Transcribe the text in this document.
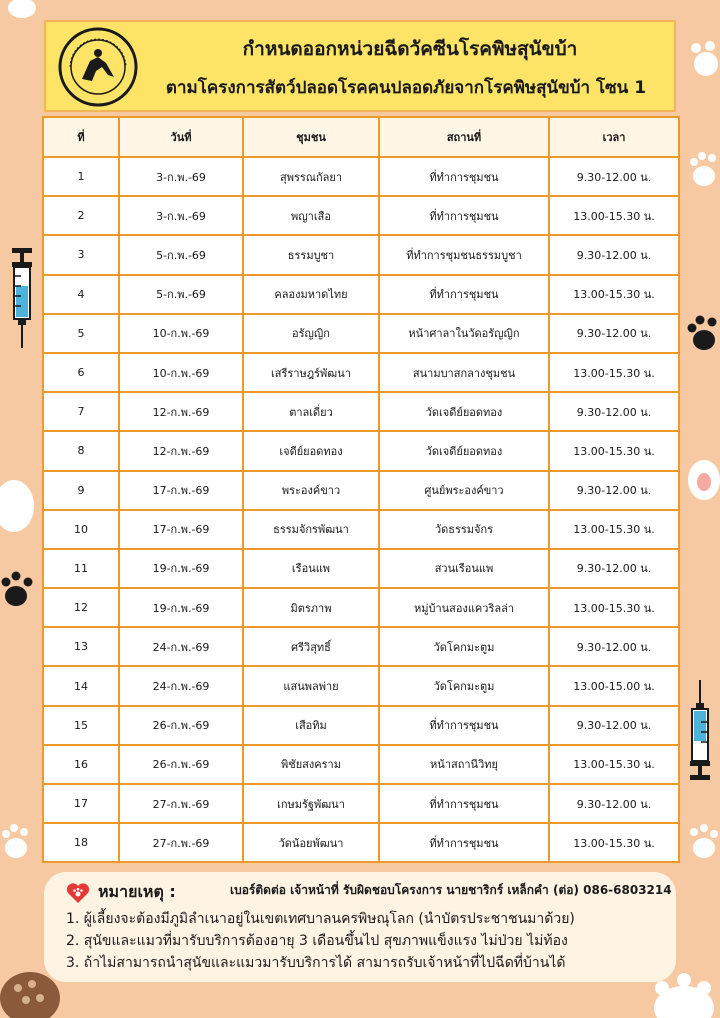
กำหนดออกหน่วยฉีดวัคซีนโรคพิษสุนัขบ้า
ตามโครงการสัตว์ปลอดโรคคนปลอดภัยจากโรคพิษสุนัขบ้า โซน 1
ที่	วันที่	ชุมชน	สถานที่	เวลา
1	3-ก.พ.-69	สุพรรณกัลยา	ที่ทำการชุมชน	9.30-12.00 น.
2	3-ก.พ.-69	พญาเสือ	ที่ทำการชุมชน	13.00-15.30 น.
3	5-ก.พ.-69	ธรรมบูชา	ที่ทำการชุมชนธรรมบูชา	9.30-12.00 น.
4	5-ก.พ.-69	คลองมหาดไทย	ที่ทำการชุมชน	13.00-15.30 น.
5	10-ก.พ.-69	อรัญญิก	หน้าศาลาในวัดอรัญญิก	9.30-12.00 น.
6	10-ก.พ.-69	เสรีราษฎร์พัฒนา	สนามบาสกลางชุมชน	13.00-15.30 น.
7	12-ก.พ.-69	ตาลเดี่ยว	วัดเจดีย์ยอดทอง	9.30-12.00 น.
8	12-ก.พ.-69	เจดีย์ยอดทอง	วัดเจดีย์ยอดทอง	13.00-15.30 น.
9	17-ก.พ.-69	พระองค์ขาว	ศูนย์พระองค์ขาว	9.30-12.00 น.
10	17-ก.พ.-69	ธรรมจักรพัฒนา	วัดธรรมจักร	13.00-15.30 น.
11	19-ก.พ.-69	เรือนแพ	สวนเรือนแพ	9.30-12.00 น.
12	19-ก.พ.-69	มิตรภาพ	หมู่บ้านสองแควริลล่า	13.00-15.30 น.
13	24-ก.พ.-69	ศรีวิสุทธิ์	วัดโคกมะตูม	9.30-12.00 น.
14	24-ก.พ.-69	แสนพลพ่าย	วัดโคกมะตูม	13.00-15.00 น.
15	26-ก.พ.-69	เสือทิม	ที่ทำการชุมชน	9.30-12.00 น.
16	26-ก.พ.-69	พิชัยสงคราม	หน้าสถานีวิทยุ	13.00-15.30 น.
17	27-ก.พ.-69	เกษมรัฐพัฒนา	ที่ทำการชุมชน	9.30-12.00 น.
18	27-ก.พ.-69	วัดน้อยพัฒนา	ที่ทำการชุมชน	13.00-15.30 น.
หมายเหตุ :	เบอร์ติดต่อ เจ้าหน้าที่ รับผิดชอบโครงการ นายชาริกร์ เหล็กคำ (ต่อ) 086-6803214
1. ผู้เลี้ยงจะต้องมีภูมิลำเนาอยู่ในเขตเทศบาลนครพิษณุโลก (นำบัตรประชาชนมาด้วย)
2. สุนัขและแมวที่มารับบริการต้องอายุ 3 เดือนขึ้นไป สุขภาพแข็งแรง ไม่ป่วย ไม่ท้อง
3. ถ้าไม่สามารถนำสุนัขและแมวมารับบริการได้ สามารถรับเจ้าหน้าที่ไปฉีดที่บ้านได้
